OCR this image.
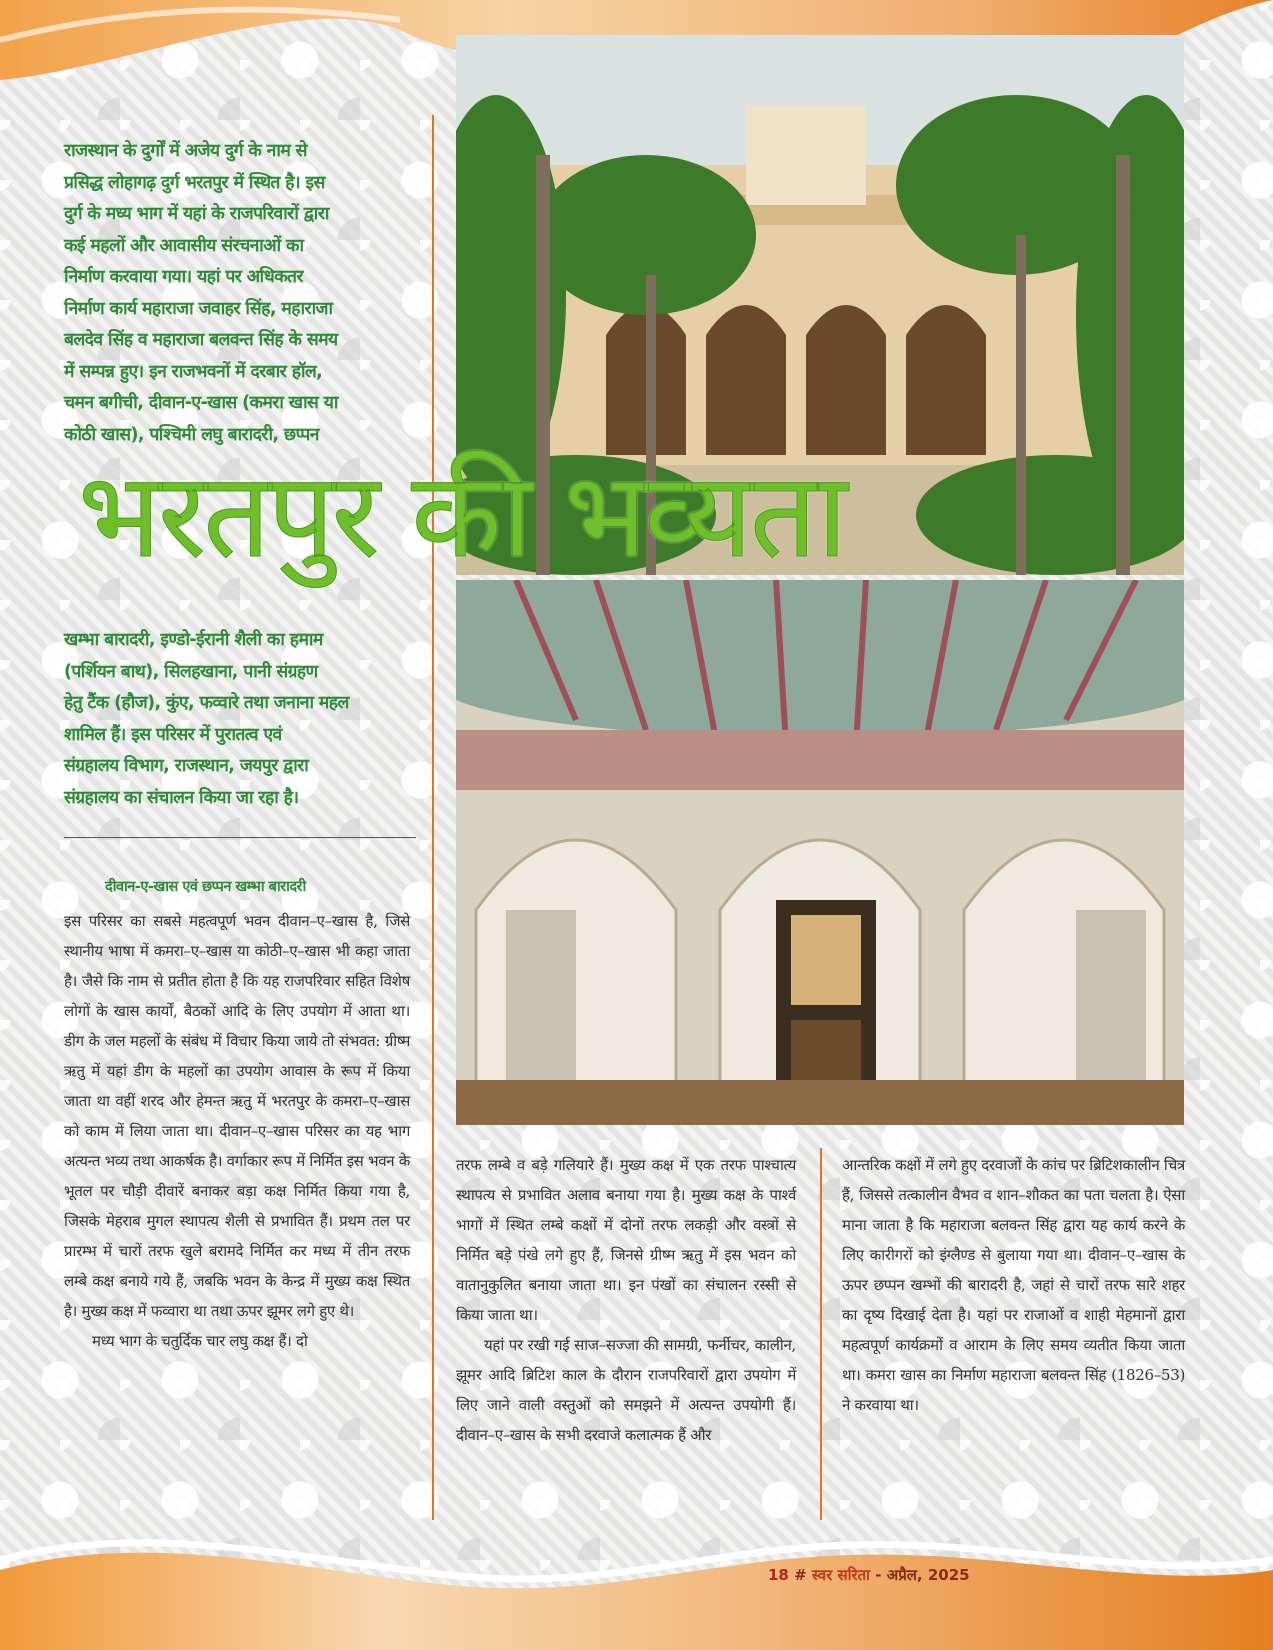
राजस्थान के दुर्गों में अजेय दुर्ग के नाम से
प्रसिद्ध लोहागढ़ दुर्ग भरतपुर में स्थित है। इस
दुर्ग के मध्य भाग में यहां के राजपरिवारों द्वारा
कई महलों और आवासीय संरचनाओं का
निर्माण करवाया गया। यहां पर अधिकतर
निर्माण कार्य महाराजा जवाहर सिंह, महाराजा
बलदेव सिंह व महाराजा बलवन्त सिंह के समय
में सम्पन्न हुए। इन राजभवनों में दरबार हॉल,
चमन बगीची, दीवान-ए-खास (कमरा खास या
कोठी खास), पश्चिमी लघु बारादरी, छप्पन
भरतपुर की भव्यता
खम्भा बारादरी, इण्डो-ईरानी शैली का हमाम
(पर्शियन बाथ), सिलहखाना, पानी संग्रहण
हेतु टैंक (हौज), कुंए, फव्वारे तथा जनाना महल
शामिल हैं। इस परिसर में पुरातत्व एवं
संग्रहालय विभाग, राजस्थान, जयपुर द्वारा
संग्रहालय का संचालन किया जा रहा है।
दीवान-ए-खास एवं छप्पन खम्भा बारादरी

इस परिसर का सबसे महत्वपूर्ण भवन दीवान–ए–खास है, जिसे स्थानीय भाषा में कमरा–ए–खास या कोठी–ए–खास भी कहा जाता है। जैसे कि नाम से प्रतीत होता है कि यह राजपरिवार सहित विशेष लोगों के खास कार्यों, बैठकों आदि के लिए उपयोग में आता था। डीग के जल महलों के संबंध में विचार किया जाये तो संभवत: ग्रीष्म ऋतु में यहां डीग के महलों का उपयोग आवास के रूप में किया जाता था वहीं शरद और हेमन्त ऋतु में भरतपुर के कमरा–ए–खास को काम में लिया जाता था। दीवान–ए–खास परिसर का यह भाग अत्यन्त भव्य तथा आकर्षक है। वर्गाकार रूप में निर्मित इस भवन के भूतल पर चौड़ी दीवारें बनाकर बड़ा कक्ष निर्मित किया गया है, जिसके मेहराब मुगल स्थापत्य शैली से प्रभावित हैं। प्रथम तल पर प्रारम्भ में चारों तरफ खुले बरामदे निर्मित कर मध्य में तीन तरफ लम्बे कक्ष बनाये गये हैं, जबकि भवन के केन्द्र में मुख्य कक्ष स्थित है। मुख्य कक्ष में फव्वारा था तथा ऊपर झूमर लगे हुए थे।

मध्य भाग के चतुर्दिक चार लघु कक्ष हैं। दो

तरफ लम्बे व बड़े गलियारे हैं। मुख्य कक्ष में एक तरफ पाश्चात्य स्थापत्य से प्रभावित अलाव बनाया गया है। मुख्य कक्ष के पार्श्व भागों में स्थित लम्बे कक्षों में दोनों तरफ लकड़ी और वस्त्रों से निर्मित बड़े पंखे लगे हुए हैं, जिनसे ग्रीष्म ऋतु में इस भवन को वातानुकुलित बनाया जाता था। इन पंखों का संचालन रस्सी से किया जाता था।

यहां पर रखी गई साज–सज्जा की सामग्री, फर्नीचर, कालीन, झूमर आदि ब्रिटिश काल के दौरान राजपरिवारों द्वारा उपयोग में लिए जाने वाली वस्तुओं को समझने में अत्यन्त उपयोगी हैं। दीवान–ए–खास के सभी दरवाजे कलात्मक हैं और

आन्तरिक कक्षों में लगे हुए दरवाजों के कांच पर ब्रिटिशकालीन चित्र हैं, जिससे तत्कालीन वैभव व शान–शौकत का पता चलता है। ऐसा माना जाता है कि महाराजा बलवन्त सिंह द्वारा यह कार्य करने के लिए कारीगरों को इंग्लैण्ड से बुलाया गया था। दीवान–ए–खास के ऊपर छप्पन खम्भों की बारादरी है, जहां से चारों तरफ सारे शहर का दृष्य दिखाई देता है। यहां पर राजाओं व शाही मेहमानों द्वारा महत्वपूर्ण कार्यक्रमों व आराम के लिए समय व्यतीत किया जाता था। कमरा खास का निर्माण महाराजा बलवन्त सिंह (1826–53) ने करवाया था।

18 # स्वर सरिता - अप्रैल, 2025
